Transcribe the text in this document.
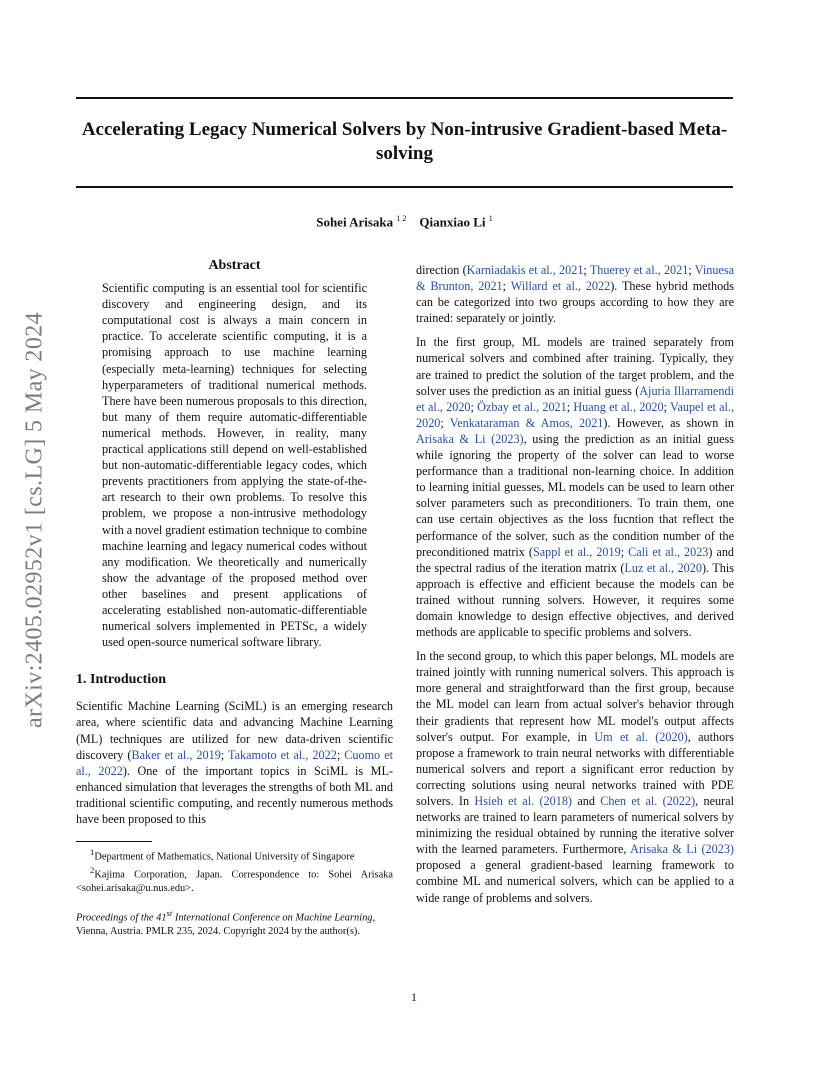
Accelerating Legacy Numerical Solvers by Non-intrusive Gradient-based Meta-solving
Sohei Arisaka $^{1 2}$ Qianxiao Li $^1$
arXiv:2405.02952v1 [cs.LG] 5 May 2024
Abstract

Scientific computing is an essential tool for scientific discovery and engineering design, and its computational cost is always a main concern in practice. To accelerate scientific computing, it is a promising approach to use machine learning (especially meta-learning) techniques for selecting hyperparameters of traditional numerical methods. There have been numerous proposals to this direction, but many of them require automatic-differentiable numerical methods. However, in reality, many practical applications still depend on well-established but non-automatic-differentiable legacy codes, which prevents practitioners from applying the state-of-the-art research to their own problems. To resolve this problem, we propose a non-intrusive methodology with a novel gradient estimation technique to combine machine learning and legacy numerical codes without any modification. We theoretically and numerically show the advantage of the proposed method over other baselines and present applications of accelerating established non-automatic-differentiable numerical solvers implemented in PETSc, a widely used open-source numerical software library.

1. Introduction

Scientific Machine Learning (SciML) is an emerging research area, where scientific data and advancing Machine Learning (ML) techniques are utilized for new data-driven scientific discovery (Baker et al., 2019; Takamoto et al., 2022; Cuomo et al., 2022). One of the important topics in SciML is ML-enhanced simulation that leverages the strengths of both ML and traditional scientific computing, and recently numerous methods have been proposed to this

$^1$Department of Mathematics, National University of Singapore

$^2$Kajima Corporation, Japan. Correspondence to: Sohei Arisaka <sohei.arisaka@u.nus.edu>.

Proceedings of the 41st International Conference on Machine Learning, Vienna, Austria. PMLR 235, 2024. Copyright 2024 by the author(s).

direction (Karniadakis et al., 2021; Thuerey et al., 2021; Vinuesa & Brunton, 2021; Willard et al., 2022). These hybrid methods can be categorized into two groups according to how they are trained: separately or jointly.

In the first group, ML models are trained separately from numerical solvers and combined after training. Typically, they are trained to predict the solution of the target problem, and the solver uses the prediction as an initial guess (Ajuria Illarramendi et al., 2020; Özbay et al., 2021; Huang et al., 2020; Vaupel et al., 2020; Venkataraman & Amos, 2021). However, as shown in Arisaka & Li (2023), using the prediction as an initial guess while ignoring the property of the solver can lead to worse performance than a traditional non-learning choice. In addition to learning initial guesses, ML models can be used to learn other solver parameters such as preconditioners. To train them, one can use certain objectives as the loss fucntion that reflect the performance of the solver, such as the condition number of the preconditioned matrix (Sappl et al., 2019; Calì et al., 2023) and the spectral radius of the iteration matrix (Luz et al., 2020). This approach is effective and efficient because the models can be trained without running solvers. However, it requires some domain knowledge to design effective objectives, and derived methods are applicable to specific problems and solvers.

In the second group, to which this paper belongs, ML models are trained jointly with running numerical solvers. This approach is more general and straightforward than the first group, because the ML model can learn from actual solver's behavior through their gradients that represent how ML model's output affects solver's output. For example, in Um et al. (2020), authors propose a framework to train neural networks with differentiable numerical solvers and report a significant error reduction by correcting solutions using neural networks trained with PDE solvers. In Hsieh et al. (2018) and Chen et al. (2022), neural networks are trained to learn parameters of numerical solvers by minimizing the residual obtained by running the iterative solver with the learned parameters. Furthermore, Arisaka & Li (2023) proposed a general gradient-based learning framework to combine ML and numerical solvers, which can be applied to a wide range of problems and solvers.

1
